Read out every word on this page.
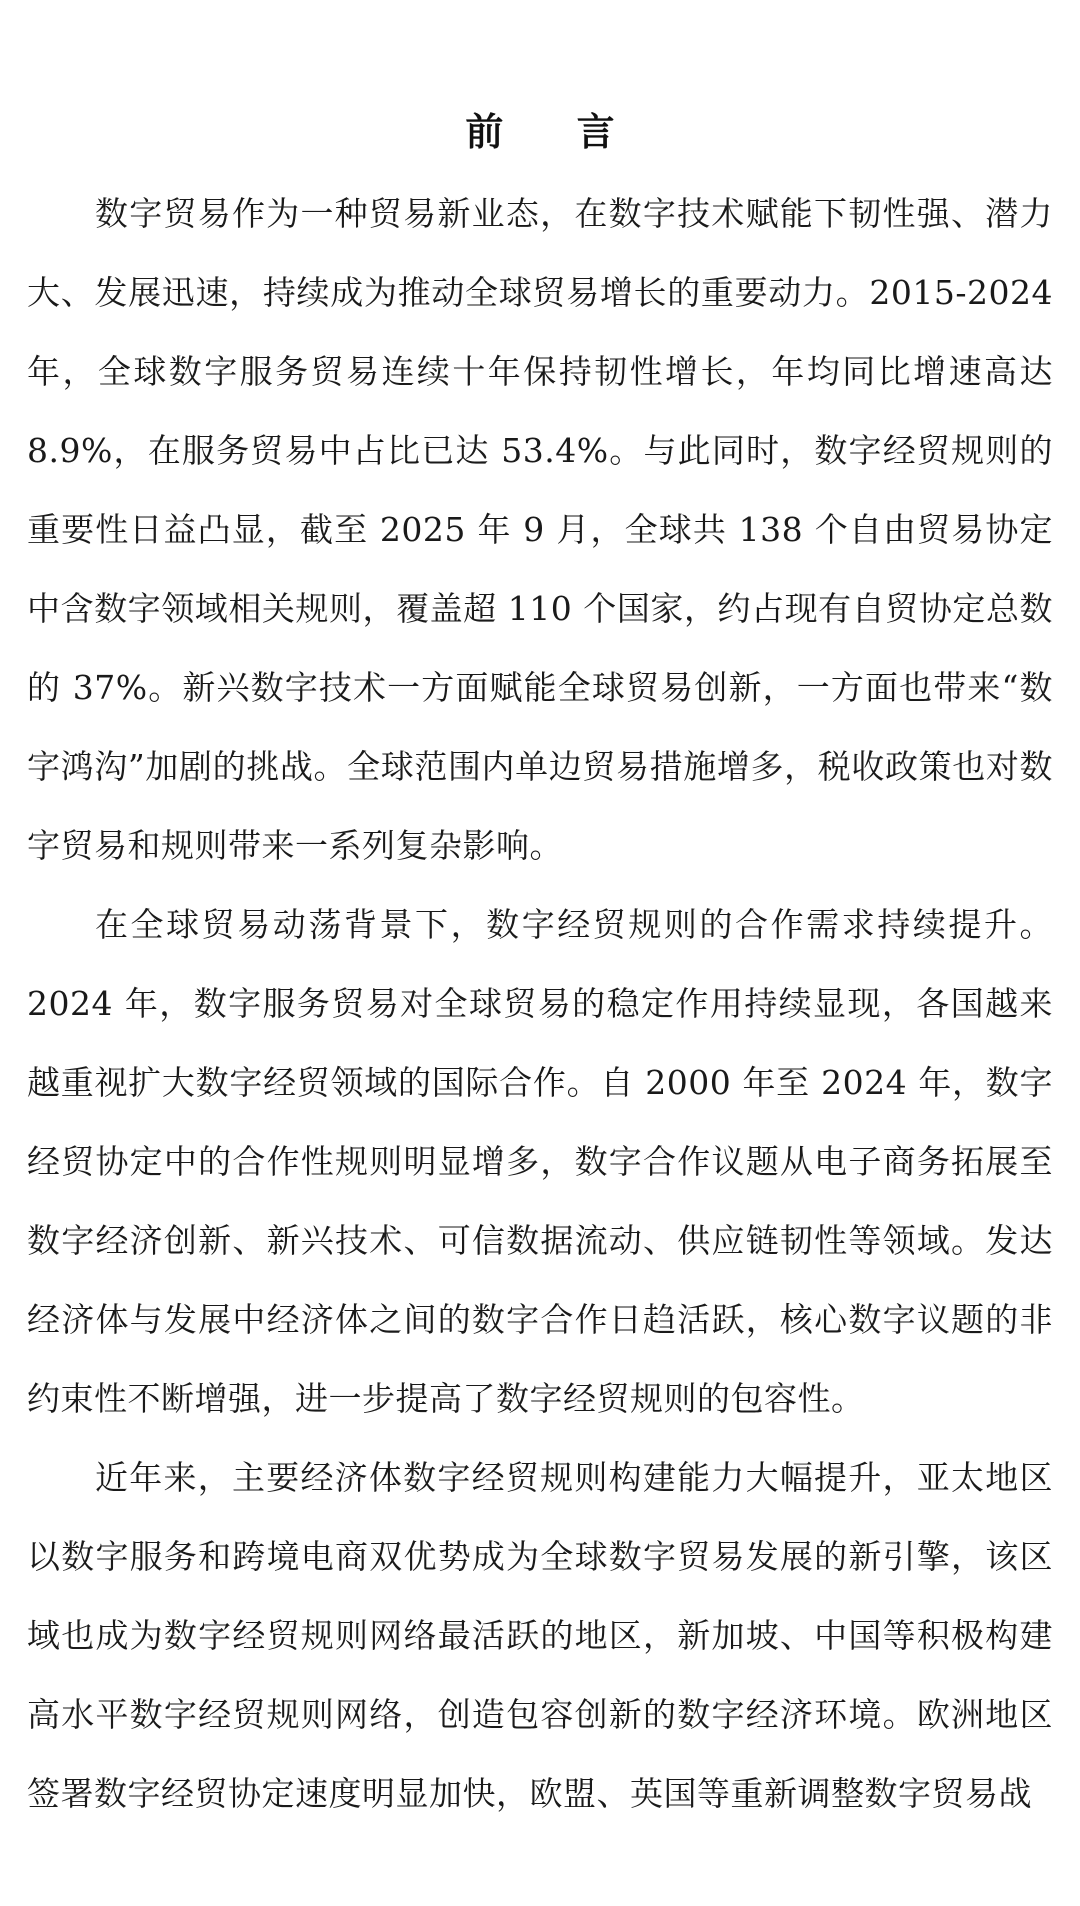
前 言

数字贸易作为一种贸易新业态，在数字技术赋能下韧性强、潜力大、发展迅速，持续成为推动全球贸易增长的重要动力。2015-2024 年，全球数字服务贸易连续十年保持韧性增长，年均同比增速高达 8.9%，在服务贸易中占比已达 53.4%。与此同时，数字经贸规则的重要性日益凸显，截至 2025 年 9 月，全球共 138 个自由贸易协定中含数字领域相关规则，覆盖超 110 个国家，约占现有自贸协定总数的 37%。新兴数字技术一方面赋能全球贸易创新，一方面也带来“数字鸿沟”加剧的挑战。全球范围内单边贸易措施增多，税收政策也对数字贸易和规则带来一系列复杂影响。

在全球贸易动荡背景下，数字经贸规则的合作需求持续提升。2024 年，数字服务贸易对全球贸易的稳定作用持续显现，各国越来越重视扩大数字经贸领域的国际合作。自 2000 年至 2024 年，数字经贸协定中的合作性规则明显增多，数字合作议题从电子商务拓展至数字经济创新、新兴技术、可信数据流动、供应链韧性等领域。发达经济体与发展中经济体之间的数字合作日趋活跃，核心数字议题的非约束性不断增强，进一步提高了数字经贸规则的包容性。

近年来，主要经济体数字经贸规则构建能力大幅提升，亚太地区以数字服务和跨境电商双优势成为全球数字贸易发展的新引擎，该区域也成为数字经贸规则网络最活跃的地区，新加坡、中国等积极构建高水平数字经贸规则网络，创造包容创新的数字经济环境。欧洲地区签署数字经贸协定速度明显加快，欧盟、英国等重新调整数字贸易战
